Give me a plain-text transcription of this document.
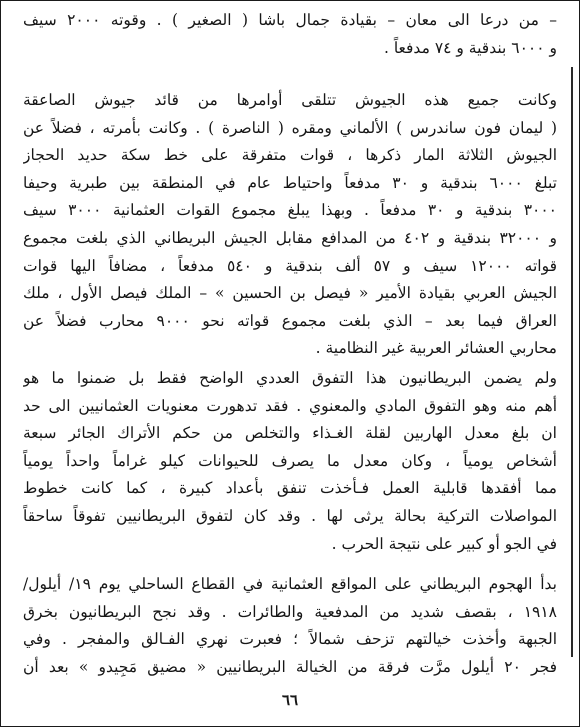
– من درعا الى معان – بقيادة جمال باشا ( الصغير ) . وقوته ٢٠٠٠ سيف
و ٦٠٠٠ بندقية و ٧٤ مدفعاً .
وكانت جميع هذه الجيوش تتلقى أوامرها من قائد جيوش الصاعقة
( ليمان فون ساندرس ) الألماني ومقره ( الناصرة ) . وكانت بأمرته ، فضلاً عن
الجيوش الثلاثة المار ذكرها ، قوات متفرقة على خط سكة حديد الحجاز
تبلغ ٦٠٠٠ بندقية و ٣٠ مدفعاً واحتياط عام في المنطقة بين طبرية وحيفا
٣٠٠٠ بندقية و ٣٠ مدفعاً . وبهذا يبلغ مجموع القوات العثمانية ٣٠٠٠ سيف
و ٣٢٠٠٠ بندقية و ٤٠٢ من المدافع مقابل الجيش البريطاني الذي بلغت مجموع
قواته ١٢٠٠٠ سيف و ٥٧ ألف بندقية و ٥٤٠ مدفعاً ، مضافاً اليها قوات
الجيش العربي بقيادة الأمير « فيصل بن الحسين » – الملك فيصل الأول ، ملك
العراق فيما بعد – الذي بلغت مجموع قواته نحو ٩٠٠٠ محارب فضلاً عن
محاربي العشائر العربية غير النظامية .
ولم يضمن البريطانيون هذا التفوق العددي الواضح فقط بل ضمنوا ما هو
أهم منه وهو التفوق المادي والمعنوي . فقد تدهورت معنويات العثمانيين الى حد
ان بلغ معدل الهاربين لقلة الغـذاء والتخلص من حكم الأتراك الجائر سبعة
أشخاص يومياً ، وكان معدل ما يصرف للحيوانات كيلو غراماً واحداً يومياً
مما أفقدها قابلية العمل فـأخذت تنفق بأعداد كبيرة ، كما كانت خطوط
المواصلات التركية بحالة يرثى لها . وقد كان لتفوق البريطانيين تفوقاً ساحقاً
في الجو أو كبير على نتيجة الحرب .
بدأ الهجوم البريطاني على المواقع العثمانية في القطاع الساحلي يوم ١٩/ أيلول/
١٩١٨ ، بقصف شديد من المدفعية والطائرات . وقد نجح البريطانيون بخرق
الجبهة وأخذت خيالتهم تزحف شمالاً ؛ فعبرت نهري الفـالق والمفجر . وفي
فجر ٢٠ أيلول مرَّت فرقة من الخيالة البريطانيين « مضيق مَجِيدو » بعد أن
٦٦
